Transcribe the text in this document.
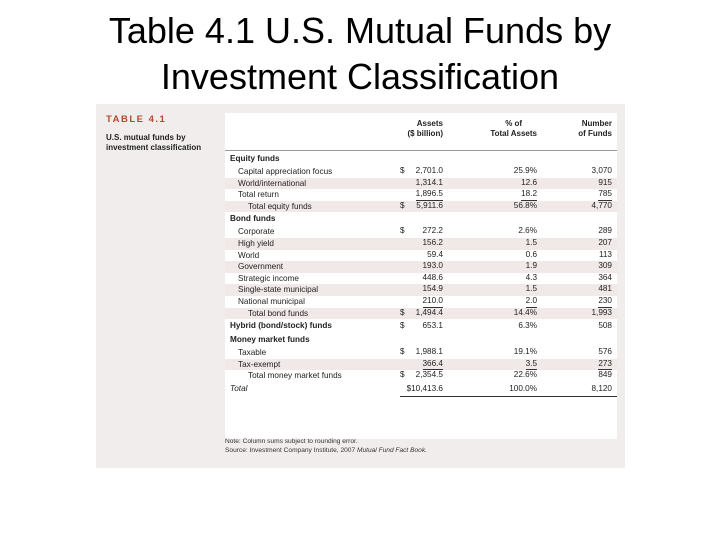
Table 4.1 U.S. Mutual Funds by
Investment Classification
TABLE 4.1
U.S. mutual funds by
investment classification
Assets
($ billion)
% of
Total Assets
Number
of Funds
Equity funds
Capital appreciation focus	$ 2,701.0	25.9%	3,070
World/international	1,314.1	12.6	915
Total return	1,896.5	18.2	785
Total equity funds	$ 5,911.6	56.8%	4,770
Bond funds
Corporate	$ 272.2	2.6%	289
High yield	156.2	1.5	207
World	59.4	0.6	113
Government	193.0	1.9	309
Strategic income	448.6	4.3	364
Single-state municipal	154.9	1.5	481
National municipal	210.0	2.0	230
Total bond funds	$ 1,494.4	14.4%	1,993
Hybrid (bond/stock) funds	$ 653.1	6.3%	508
Money market funds
Taxable	$ 1,988.1	19.1%	576
Tax-exempt	366.4	3.5	273
Total money market funds	$ 2,354.5	22.6%	849
Total	$10,413.6	100.0%	8,120
Note: Column sums subject to rounding error.
Source: Investment Company Institute, 2007 Mutual Fund Fact Book.
